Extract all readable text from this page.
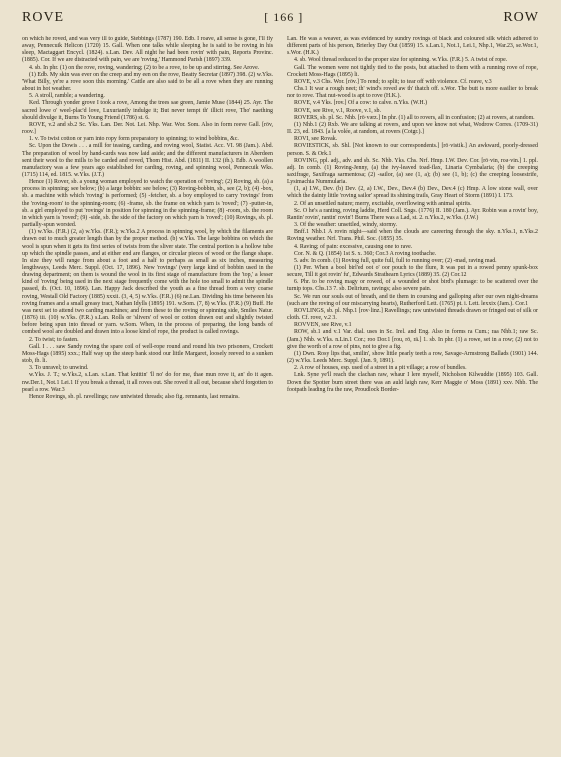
ROVE	[ 166 ]	ROW

on which he roved, and was very ill to guide, Stebbings (1787) 190. Edb. I roave, all sense is gone, I'll fly away, Pennecuik Helicon (1720) 15. Gall. When one talks while sleeping he is said to be roving in his sleep, Mactaggart Encycl. (1824). s.Lan. Dev. All night he had been rovin' with pain, Reports Provinc. (1885). Cor. If we are distracted with pain, we are 'roving,' Hammond Parish (1897) 339.

4. sb. In phr. (1) on the rove, roving, wandering; (2) to be a rove, to be up and stirring. See Arove.

(1) Edb. My skin was ever on the creep and my een on the rove, Beatty Secretar (1897) 398. (2) w.Yks. 'What Billy, ye're a rove soon this morning.' Cattle are also said to be all a rove when they are running about in hot weather.

5. A stroll, ramble; a wandering.

Ked. Through yonder grove I took a rove, Among the trees sae green, Jamie Muse (1844) 25. Ayr. The sacred lowe o' weel-plac'd love, Luxuriantly indulge it; But never tempt th' illicit rove, Tho' naething should divulge it, Burns To Young Friend (1786) st. 6.

ROVE, v.2 and sb.2 Sc. Yks. Lan. Der. Not. Lei. Nhp. War. Wor. Som. Also in form reeve Gall. [rōv, roov.]

1. v. To twist cotton or yarn into ropy form preparatory to spinning; to wind bobbins, &c.

Sc. Upon the Dowis . . . a mill for teasing, carding, and roving wool, Statist. Acc. VI. 98 (Jam.). Abd. The preparation of wool by hand-cards was now laid aside; and the different manufacturers in Aberdeen sent their wool to the mills to be carded and roved, Thom Hist. Abd. (1811) II. 132 (ib.). Edb. A woollen manufactory was a few years ago established for carding, roving, and spinning wool, Pennecuik Wks. (1715) 114, ed. 1815. w.Yks. (J.T.)

Hence (1) Rover, sb. a young woman employed to watch the operation of 'roving'; (2) Roving, sb. (a) a process in spinning; see below; (b) a large bobbin: see below; (3) Roving-bobbin, sb., see (2, b); (4) -box, sb. a machine with which 'roving' is performed; (5) -fetcher, sb. a boy employed to carry 'rovings' from the 'roving-room' to the spinning-room; (6) -frame, sb. the frame on which yarn is 'roved'; (7) -putter-in, sb. a girl employed to put 'rovings' in position for spinning in the spinning-frame; (8) -room, sb. the room in which yarn is 'roved'; (9) -side, sb. the side of the factory on which yarn is 'roved'; (10) Rovings, sb. pl. partially-spun worsted.

(1) w.Yks. (F.R.) (2, a) w.Yks. (F.R.); w.Yks.2 A process in spinning wool, by which the filaments are drawn out to much greater length than by the proper method. (b) w.Yks. The large bobbins on which the wool is spun when it gets its first series of twists from the sliver state. The central portion is a hollow tube up which the spindle passes, and at either end are flanges, or circular pieces of wood or the flange shape. In size they will range from about a foot and a half to perhaps as small as six inches, measuring lengthways, Leeds Merc. Suppl. (Oct. 17, 1896). New 'rovings' (very large kind of bobbin used in the drawing department; on them is wound the wool in its first stage of manufacture from the 'top,' a lesser kind of 'roving' being used in the next stage frequently come with the hole too small to admit the spindle passed, ib. (Oct. 10, 1896). Lan. Happy Jack described the youth as a fine thread from a very coarse roving, Westall Old Factory (1885) xxxii. (3, 4, 5) w.Yks. (F.R.) (6) ne.Lan. Dividing his time between his roving frames and a small greasy tract, Nathan Idylls (1895) 191. w.Som. (7, 8) w.Yks. (F.R.) (9) Buff. He was next set to attend two carding machines; and from these to the roving or spinning side, Smiles Natur. (1876) iii. (10) w.Yks. (F.R.) s.Lan. Rolls or 'slivers' of wool or cotton drawn out and slightly twisted before being spun into thread or yarn. w.Som. When, in the process of preparing, the long bands of combed wool are doubled and drawn into a loose kind of rope, the product is called rovings.

2. To twist; to fasten.

Gall. I . . . saw Sandy roving the spare coil of well-rope round and round his two prisoners, Crockett Moss-Hags (1895) xxx.; Half way up the steep bank stood our little Margaret, loosely reeved to a sunken stob, ib. li.

3. To unravel; to unwind.

w.Yks. J. T.; w.Yks.2, s.Lan. s.Lan. That knittin' 'll no' do for me, thae mun rove it, an' do it agen. nw.Der.1, Not.1 Lei.1 If you break a thread, it all roves out. She roved it all out, because she'd forgotten to pearl a row. War.3

Hence Rovings, sb. pl. ravellings; raw untwisted threads; also fig. remnants, last remains.

Lan. He was a weaver, as was evidenced by sundry rovings of black and coloured silk which adhered to different parts of his person, Brierley Day Out (1859) 15. s.Lan.1, Not.1, Lei.1, Nhp.1, War.23, se.Wor.1, s.Wor. (H.K.)

4. sb. Wool thread reduced to the proper size for spinning. w.Yks. (F.R.) 5. A twist of rope.

Gall. The women were not tightly tied to the posts, but attached to them with a running rove of rope, Crockett Moss-Hags (1895) li.

ROVE, v.3 Chs. Wor. [rōv.] To rend; to split; to tear off with violence. Cf. reave, v.3

Chs.1 It war a rough neet; th' wind's roved aw th' thatch off. s.Wor. The butt is more easilier to break nor to rove. That nut-wood is apt to rove (H.K.).

ROVE, v.4 Yks. [rov.] Of a cow: to calve. n.Yks. (W.H.)

ROVE, see Rive, v.1, Roove, v.1, sb.

ROVERS, sb. pl. Sc. Nhb. [rō·vərz.] In phr. (1) all to rovers, all in confusion; (2) at rovers, at random.

(1) Nhb.1 (2) Rxb. We are talking at rovers, and upon we know not what, Wodrow Corres. (1709-31) II. 23, ed. 1843. [a la volée, at random, at rovers (Cotgr.).]

ROVI, see Rovak.

ROVIESTICK, sb. Shl. [Not known to our correspondents.] [rō·vistik.] An awkward, poorly-dressed person. S. & Ork.1

ROVING, ppl. adj., adv. and sb. Sc. Nhb. Yks. Chs. Nrf. Hmp. I.W. Dev. Cor. [rō·vin, roə·vin.] 1. ppl. adj. In comb. (1) Roving-Jenny, (a) the ivy-leaved toad-flax, Linaria Cymbalaria; (b) the creeping saxifrage, Saxifraga sarmentosa; (2) -sailor, (a) see (1, a); (b) see (1, b); (c) the creeping loosestrife, Lysimachia Nummularia.

(1, a) I.W., Dev. (b) Dev. (2, a) I.W., Dev., Dev.4 (b) Dev., Dev.4 (c) Hmp. A low stone wall, over which the dainty little 'roving sailor' spread its shining trails, Gray Heart of Storm (1891) I. 173.

2. Of an unsettled nature; merry, excitable, overflowing with animal spirits.

Sc. O he's a ranting, roving laddie, Herd Coll. Sngs. (1776) II. 180 (Jam.). Ayr. Robin was a rovin' boy, Rantin' rovin', rantin' rovin'! Burns There was a Lad, st. 2. n.Yks.2, w.Yks. (J.W.)

3. Of the weather: unsettled, windy, stormy.

Bnff.1 Nhb.1 A rovin night—said when the clouds are careering through the sky. n.Yks.1, n.Yks.2 Roving weather. Nrf. Trans. Phil. Soc. (1855) 35.

4. Raving; of pain: excessive, causing one to rave.

Cor. N. & Q. (1854) 1st S. x. 360; Cor.3 A roving toothache.

5. adv. In comb. (1) Roving full, quite full, full to running over; (2) -mad, raving mad.

(1) Per. When a bool birl'ed oot o' oor pouch to the flure, It was put in a rowed penny spunk-box secure, Till it got rovin' fu', Edwards Strathearn Lyrics (1889) 35. (2) Cor.12

6. Phr. to be roving magy or rowed, of a wounded or shot bird's plumage: to be scattered over the turnip tops. Chs.13 7. sb. Delirium, ravings; also severe pain.

Sc. We run our souls out of breath, and tie them in coursing and galloping after our own night-dreams (such are the roving of our miscarrying hearts), Rutherford Lett. (1765) pt. i. Lett. lexxix (Jam.). Cor.1

ROVLINGS, sb. pl. Nhp.1 [rov·linz.] Ravellings; raw untwisted threads drawn or fringed out of silk or cloth. Cf. rove, v.2 3.

ROVVEN, see Rive, v.1

ROW, sb.1 and v.1 Var. dial. uses in Sc. Irel. and Eng. Also in forms ra Cum.; raa Nhb.1; raw Sc. (Jam.) Nhb. w.Yks. n.Lin.1 Cor.; roo Dor.1 [rou, rō, rā.] 1. sb. In phr. (1) a rowe, set in a row; (2) not to give the worth of a row of pins, not to give a fig.

(1) Dwn. Rosy lips that, smilin', show little pearly teeth a row, Savage-Armstrong Ballads (1901) 144. (2) w.Yks. Leeds Merc. Suppl. (Jan. 9, 1891).

2. A row of houses, esp. used of a street in a pit village; a row of bundles.

Lnk. Syne ye'll reach the clachan raw, whaur I lere myself, Nicholson Kilwuddie (1895) 103. Gall. Down the Spotter burn street there was an auld laigh raw, Kerr Maggie o' Moss (1891) xxv. Nhb. The footpath leading fra the raw, Proudlock Border-
